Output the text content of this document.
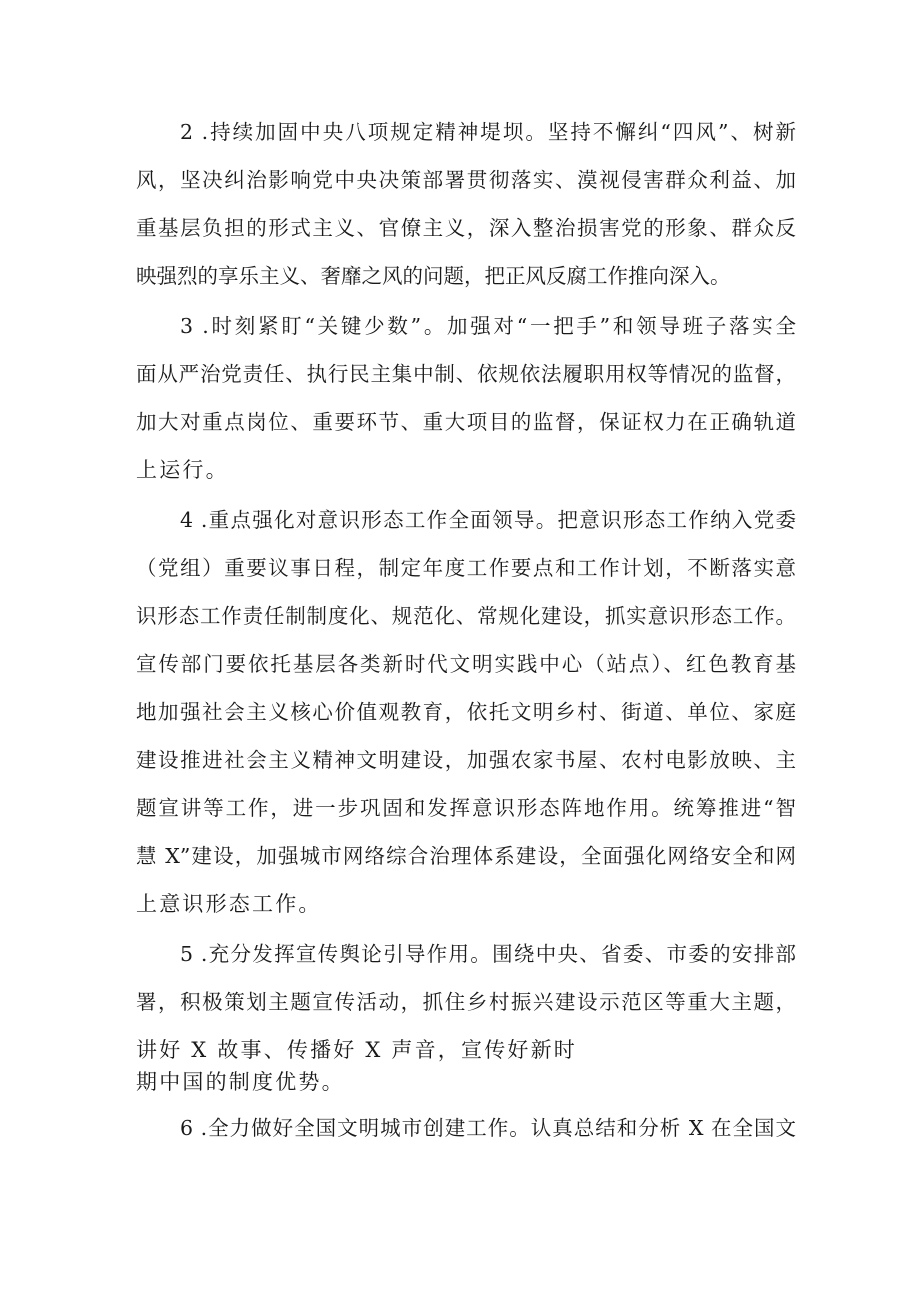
2 .持续加固中央八项规定精神堤坝。坚持不懈纠“四风”、树新
风，坚决纠治影响党中央决策部署贯彻落实、漠视侵害群众利益、加
重基层负担的形式主义、官僚主义，深入整治损害党的形象、群众反
映强烈的享乐主义、奢靡之风的问题，把正风反腐工作推向深入。
3 .时刻紧盯“关键少数”。加强对“一把手”和领导班子落实全
面从严治党责任、执行民主集中制、依规依法履职用权等情况的监督，
加大对重点岗位、重要环节、重大项目的监督，保证权力在正确轨道
上运行。
4 .重点强化对意识形态工作全面领导。把意识形态工作纳入党委
（党组）重要议事日程，制定年度工作要点和工作计划，不断落实意
识形态工作责任制制度化、规范化、常规化建设，抓实意识形态工作。
宣传部门要依托基层各类新时代文明实践中心（站点）、红色教育基
地加强社会主义核心价值观教育，依托文明乡村、街道、单位、家庭
建设推进社会主义精神文明建设，加强农家书屋、农村电影放映、主
题宣讲等工作，进一步巩固和发挥意识形态阵地作用。统筹推进“智
慧 X”建设，加强城市网络综合治理体系建设，全面强化网络安全和网
上意识形态工作。
5 .充分发挥宣传舆论引导作用。围绕中央、省委、市委的安排部
署，积极策划主题宣传活动，抓住乡村振兴建设示范区等重大主题，
讲好 X 故事、传播好 X 声音，宣传好新时
期中国的制度优势。
6 .全力做好全国文明城市创建工作。认真总结和分析 X 在全国文
